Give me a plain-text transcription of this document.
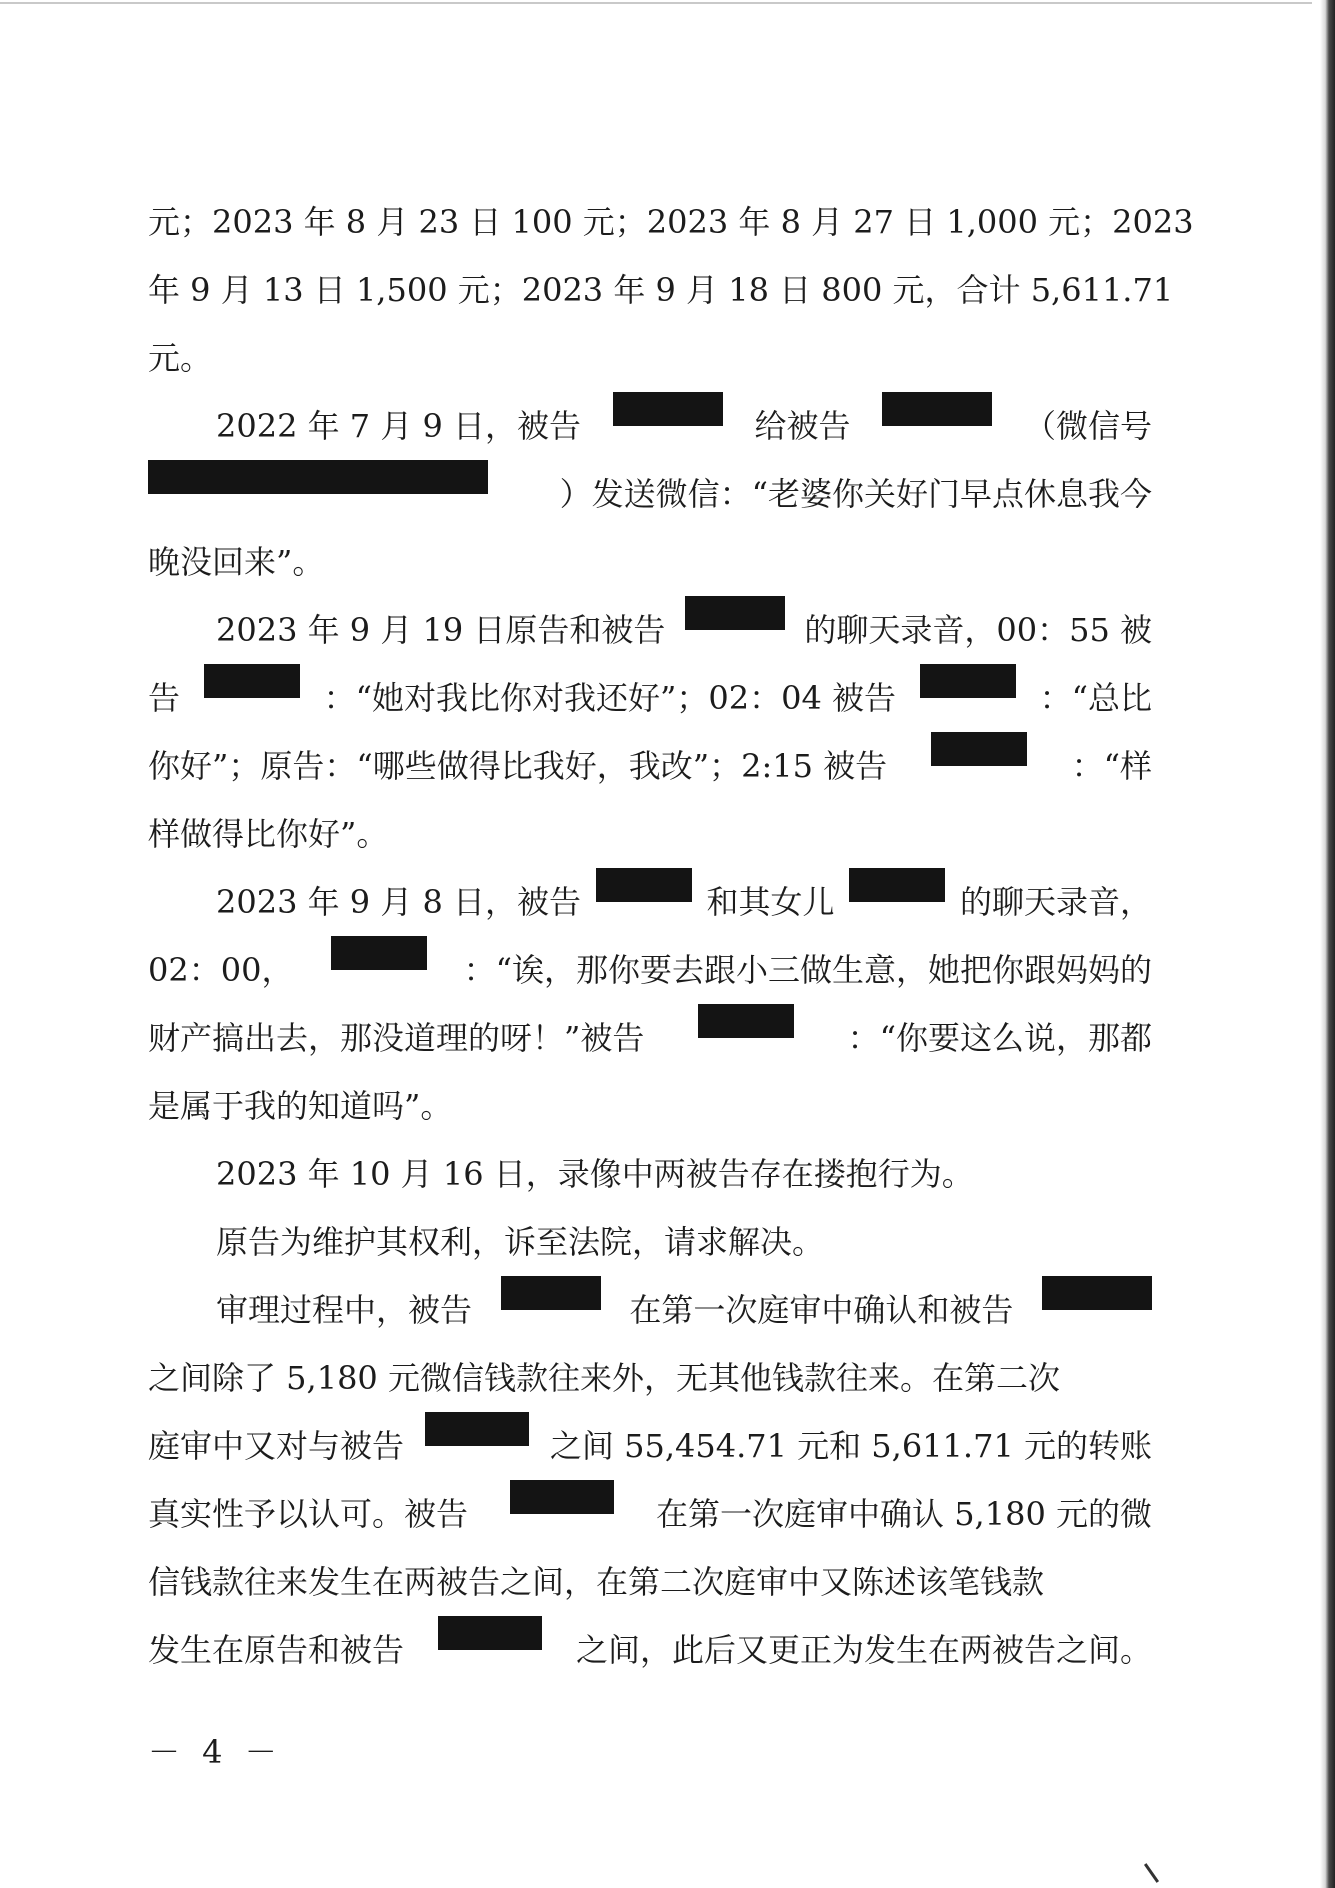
元；2023 年 8 月 23 日 100 元；2023 年 8 月 27 日 1,000 元；2023
年 9 月 13 日 1,500 元；2023 年 9 月 18 日 800 元，合计 5,611.71
元。
2022 年 7 月 9 日，被告	给被告	（微信号
）发送微信：“老婆你关好门早点休息我今
晚没回来”。
2023 年 9 月 19 日原告和被告	的聊天录音，00：55 被
告	：“她对我比你对我还好”；02：04 被告	：“总比
你好”；原告：“哪些做得比我好，我改”；2:15 被告	：“样
样做得比你好”。
2023 年 9 月 8 日，被告	和其女儿	的聊天录音，
02：00，	：“诶，那你要去跟小三做生意，她把你跟妈妈的
财产搞出去，那没道理的呀！”被告	：“你要这么说，那都
是属于我的知道吗”。
2023 年 10 月 16 日，录像中两被告存在搂抱行为。
原告为维护其权利，诉至法院，请求解决。
审理过程中，被告	在第一次庭审中确认和被告
之间除了 5,180 元微信钱款往来外，无其他钱款往来。在第二次
庭审中又对与被告	之间 55,454.71 元和 5,611.71 元的转账
真实性予以认可。被告	在第一次庭审中确认 5,180 元的微
信钱款往来发生在两被告之间，在第二次庭审中又陈述该笔钱款
发生在原告和被告	之间，此后又更正为发生在两被告之间。
－ 4 －
